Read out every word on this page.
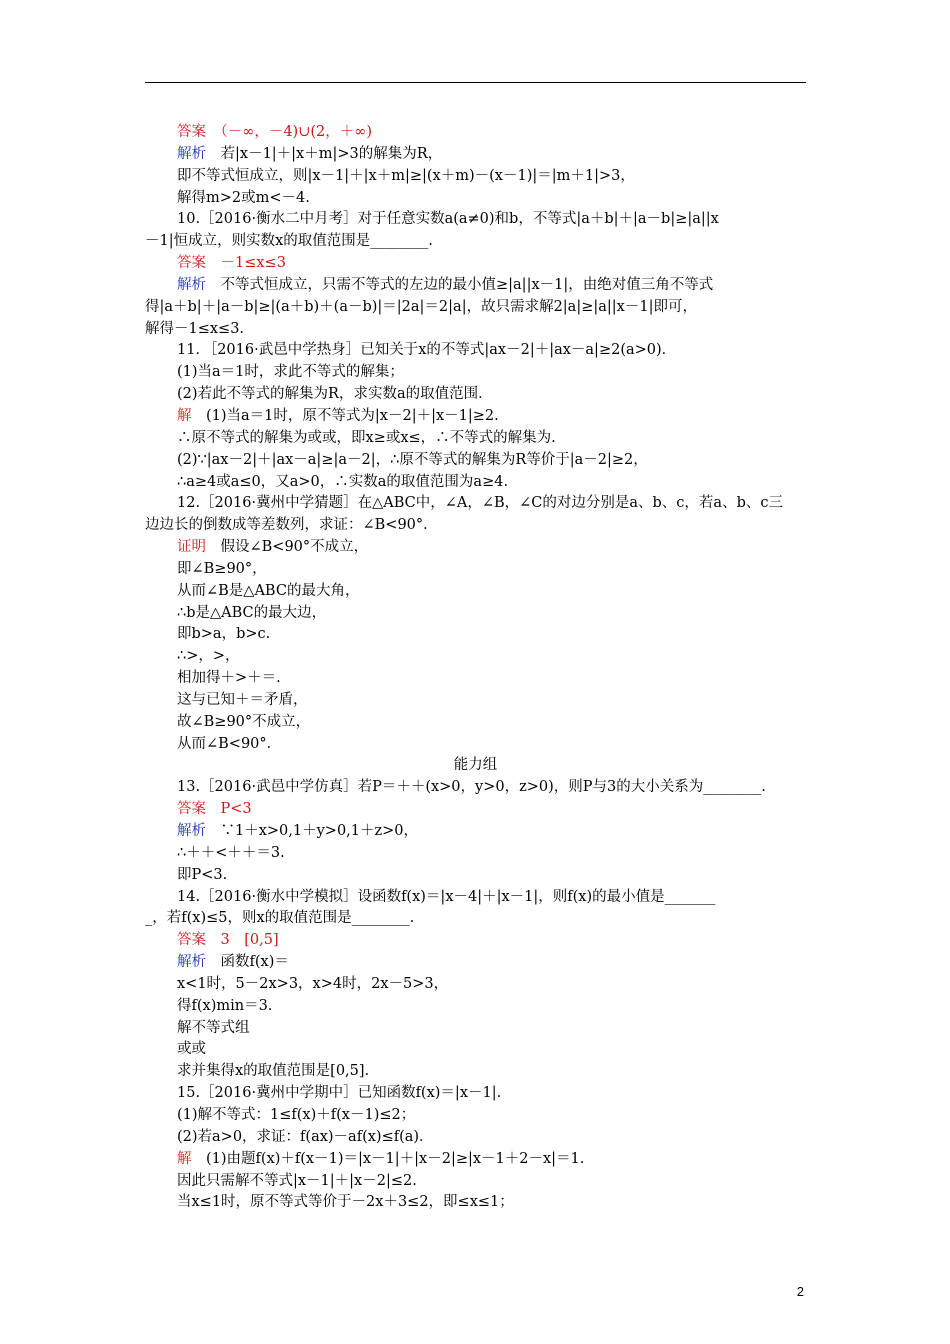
答案　 （－∞，－4)∪(2，＋∞)
解析　 若|x－1|＋|x＋m|>3的解集为R，
即不等式恒成立，则|x－1|＋|x＋m|≥|(x＋m)－(x－1)|＝|m＋1|>3，
解得m>2或m<－4.
10.［2016·衡水二中月考］对于任意实数a(a≠0)和b，不等式|a＋b|＋|a－b|≥|a||x
－1|恒成立，则实数x的取值范围是________.
答案　 －1≤x≤3
解析　 不等式恒成立，只需不等式的左边的最小值≥|a||x－1|，由绝对值三角不等式
得|a＋b|＋|a－b|≥|(a＋b)＋(a－b)|＝|2a|＝2|a|，故只需求解2|a|≥|a||x－1|即可，
解得－1≤x≤3.
11．［2016·武邑中学热身］已知关于x的不等式|ax－2|＋|ax－a|≥2(a>0)．
(1)当a＝1时，求此不等式的解集；
(2)若此不等式的解集为R，求实数a的取值范围．
解　 (1)当a＝1时，原不等式为|x－2|＋|x－1|≥2.
∴原不等式的解集为或或，即x≥或x≤，∴不等式的解集为.
(2)∵|ax－2|＋|ax－a|≥|a－2|，∴原不等式的解集为R等价于|a－2|≥2，
∴a≥4或a≤0，又a>0，∴实数a的取值范围为a≥4.
12.［2016·冀州中学猜题］在△ABC中，∠A，∠B，∠C的对边分别是a、b、c，若a、b、c三
边边长的倒数成等差数列，求证：∠B<90°．
证明　 假设∠B<90°不成立，
即∠B≥90°，
从而∠B是△ABC的最大角，
∴b是△ABC的最大边，
即b>a，b>c.
∴>，>，
相加得＋>＋＝.
这与已知＋＝矛盾，
故∠B≥90°不成立，
从而∠B<90°．
能力组
13.［2016·武邑中学仿真］若P＝＋＋(x>0，y>0，z>0)，则P与3的大小关系为________.
答案　 P<3
解析　 ∵1＋x>0,1＋y>0,1＋z>0，
∴＋＋<＋＋＝3.
即P<3.
14.［2016·衡水中学模拟］设函数f(x)＝|x－4|＋|x－1|，则f(x)的最小值是_______
_，若f(x)≤5，则x的取值范围是________.
答案　 3　[0,5]
解析　 函数f(x)＝
x<1时，5－2x>3，x>4时，2x－5>3，
得f(x)min＝3.
解不等式组
或或
求并集得x的取值范围是[0,5].
15.［2016·冀州中学期中］已知函数f(x)＝|x－1|.
(1)解不等式：1≤f(x)＋f(x－1)≤2；
(2)若a>0，求证：f(ax)－af(x)≤f(a)．
解　 (1)由题f(x)＋f(x－1)＝|x－1|＋|x－2|≥|x－1＋2－x|＝1.
因此只需解不等式|x－1|＋|x－2|≤2.
当x≤1时，原不等式等价于－2x＋3≤2，即≤x≤1；
2
